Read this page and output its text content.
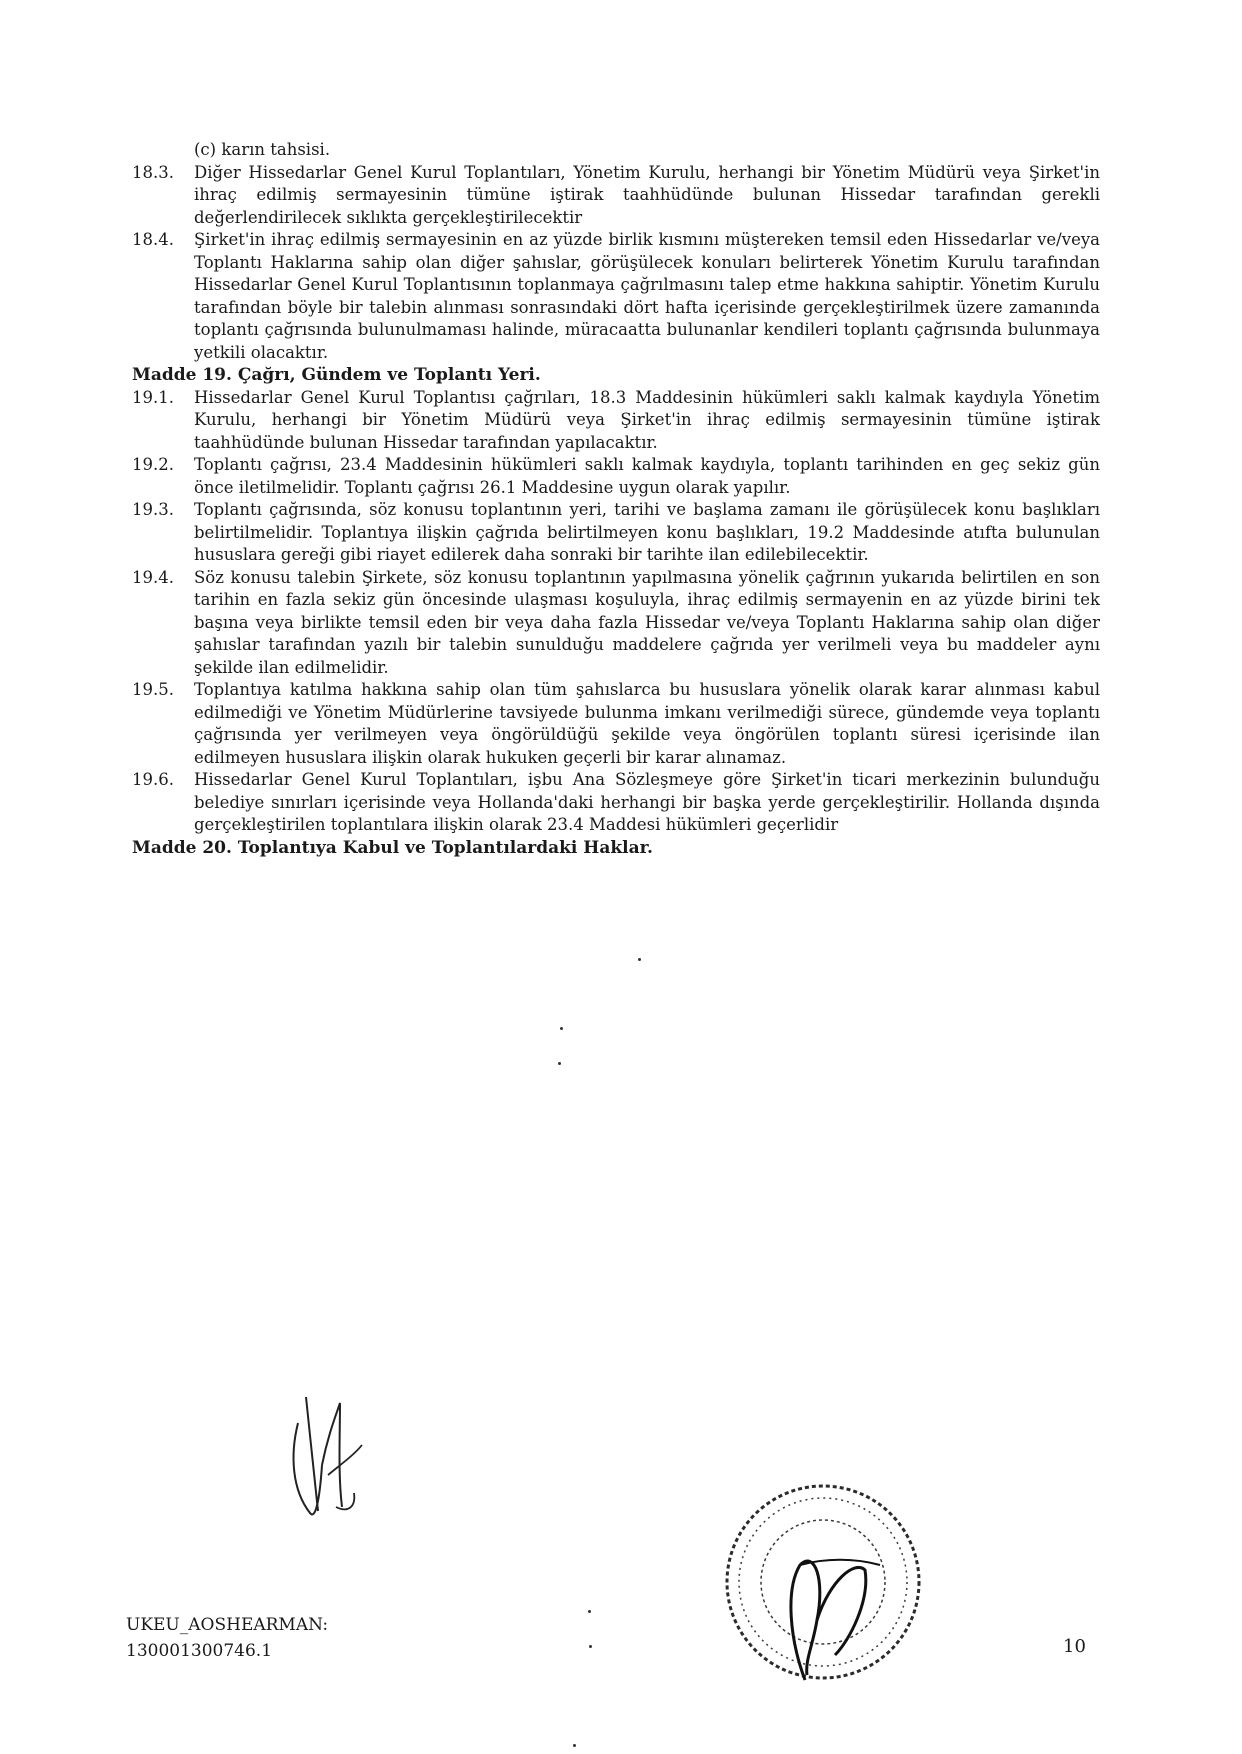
(c) karın tahsisi.
18.3.	Diğer Hissedarlar Genel Kurul Toplantıları, Yönetim Kurulu, herhangi bir Yönetim Müdürü veya Şirket'in ihraç edilmiş sermayesinin tümüne iştirak taahhüdünde bulunan Hissedar tarafından gerekli değerlendirilecek sıklıkta gerçekleştirilecektir
18.4.	Şirket'in ihraç edilmiş sermayesinin en az yüzde birlik kısmını müştereken temsil eden Hissedarlar ve/veya Toplantı Haklarına sahip olan diğer şahıslar, görüşülecek konuları belirterek Yönetim Kurulu tarafından Hissedarlar Genel Kurul Toplantısının toplanmaya çağrılmasını talep etme hakkına sahiptir. Yönetim Kurulu tarafından böyle bir talebin alınması sonrasındaki dört hafta içerisinde gerçekleştirilmek üzere zamanında toplantı çağrısında bulunulmaması halinde, müracaatta bulunanlar kendileri toplantı çağrısında bulunmaya yetkili olacaktır.
Madde 19. Çağrı, Gündem ve Toplantı Yeri.
19.1.	Hissedarlar Genel Kurul Toplantısı çağrıları, 18.3 Maddesinin hükümleri saklı kalmak kaydıyla Yönetim Kurulu, herhangi bir Yönetim Müdürü veya Şirket'in ihraç edilmiş sermayesinin tümüne iştirak taahhüdünde bulunan Hissedar tarafından yapılacaktır.
19.2.	Toplantı çağrısı, 23.4 Maddesinin hükümleri saklı kalmak kaydıyla, toplantı tarihinden en geç sekiz gün önce iletilmelidir. Toplantı çağrısı 26.1 Maddesine uygun olarak yapılır.
19.3.	Toplantı çağrısında, söz konusu toplantının yeri, tarihi ve başlama zamanı ile görüşülecek konu başlıkları belirtilmelidir. Toplantıya ilişkin çağrıda belirtilmeyen konu başlıkları, 19.2 Maddesinde atıfta bulunulan hususlara gereği gibi riayet edilerek daha sonraki bir tarihte ilan edilebilecektir.
19.4.	Söz konusu talebin Şirkete, söz konusu toplantının yapılmasına yönelik çağrının yukarıda belirtilen en son tarihin en fazla sekiz gün öncesinde ulaşması koşuluyla, ihraç edilmiş sermayenin en az yüzde birini tek başına veya birlikte temsil eden bir veya daha fazla Hissedar ve/veya Toplantı Haklarına sahip olan diğer şahıslar tarafından yazılı bir talebin sunulduğu maddelere çağrıda yer verilmeli veya bu maddeler aynı şekilde ilan edilmelidir.
19.5.	Toplantıya katılma hakkına sahip olan tüm şahıslarca bu hususlara yönelik olarak karar alınması kabul edilmediği ve Yönetim Müdürlerine tavsiyede bulunma imkanı verilmediği sürece, gündemde veya toplantı çağrısında yer verilmeyen veya öngörüldüğü şekilde veya öngörülen toplantı süresi içerisinde ilan edilmeyen hususlara ilişkin olarak hukuken geçerli bir karar alınamaz.
19.6.	Hissedarlar Genel Kurul Toplantıları, işbu Ana Sözleşmeye göre Şirket'in ticari merkezinin bulunduğu belediye sınırları içerisinde veya Hollanda'daki herhangi bir başka yerde gerçekleştirilir. Hollanda dışında gerçekleştirilen toplantılara ilişkin olarak 23.4 Maddesi hükümleri geçerlidir
Madde 20. Toplantıya Kabul ve Toplantılardaki Haklar.
UKEU_AOSHEARMAN:
130001300746.1	10
